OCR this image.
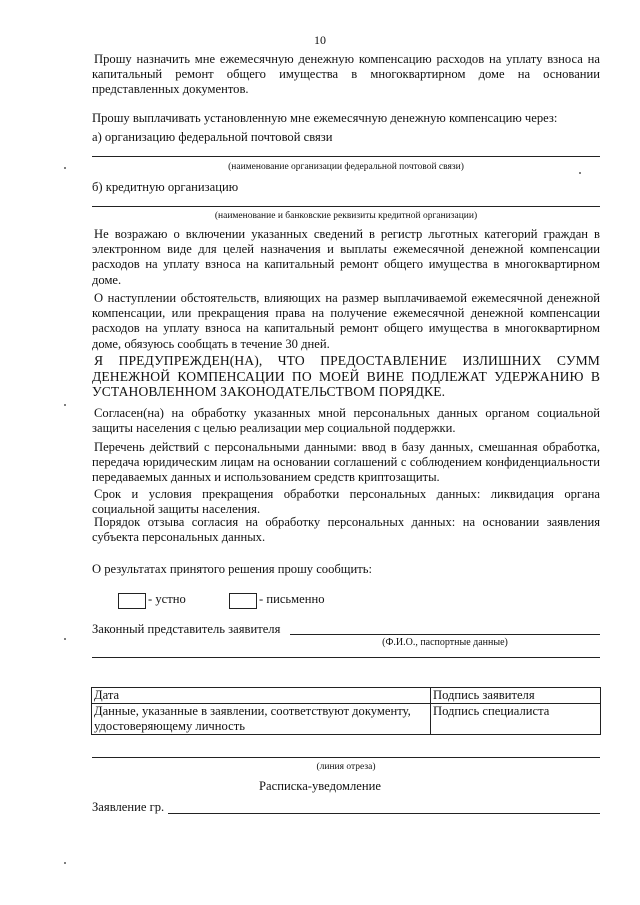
10
Прошу назначить мне ежемесячную денежную компенсацию расходов на уплату взноса на капитальный ремонт общего имущества в многоквартирном доме на основании представленных документов.
Прошу выплачивать установленную мне ежемесячную денежную компенсацию через:
а) организацию федеральной почтовой связи
(наименование организации федеральной почтовой связи)
б) кредитную организацию
(наименование и банковские реквизиты кредитной организации)
Не возражаю о включении указанных сведений в регистр льготных категорий граждан в электронном виде для целей назначения и выплаты ежемесячной денежной компенсации расходов на уплату взноса на капитальный ремонт общего имущества в многоквартирном доме.
О наступлении обстоятельств, влияющих на размер выплачиваемой ежемесячной денежной компенсации, или прекращения права на получение ежемесячной денежной компенсации расходов на уплату взноса на капитальный ремонт общего имущества в многоквартирном доме, обязуюсь сообщать в течение 30 дней.
Я ПРЕДУПРЕЖДЕН(НА), ЧТО ПРЕДОСТАВЛЕНИЕ ИЗЛИШНИХ СУММ ДЕНЕЖНОЙ КОМПЕНСАЦИИ ПО МОЕЙ ВИНЕ ПОДЛЕЖАТ УДЕРЖАНИЮ В УСТАНОВЛЕННОМ ЗАКОНОДАТЕЛЬСТВОМ ПОРЯДКЕ.
Согласен(на) на обработку указанных мной персональных данных органом социальной защиты населения с целью реализации мер социальной поддержки.
Перечень действий с персональными данными: ввод в базу данных, смешанная обработка, передача юридическим лицам на основании соглашений с соблюдением конфиденциальности передаваемых данных и использованием средств криптозащиты.
Срок и условия прекращения обработки персональных данных: ликвидация органа социальной защиты населения.
Порядок отзыва согласия на обработку персональных данных: на основании заявления субъекта персональных данных.
О результатах принятого решения прошу сообщить:
- устно	- письменно
Законный представитель заявителя
(Ф.И.О., паспортные данные)
Дата	Подпись заявителя

Данные, указанные в заявлении, соответствуют документу,
удостоверяющему личность	Подпись специалиста
(линия отреза)
Расписка-уведомление
Заявление гр.
